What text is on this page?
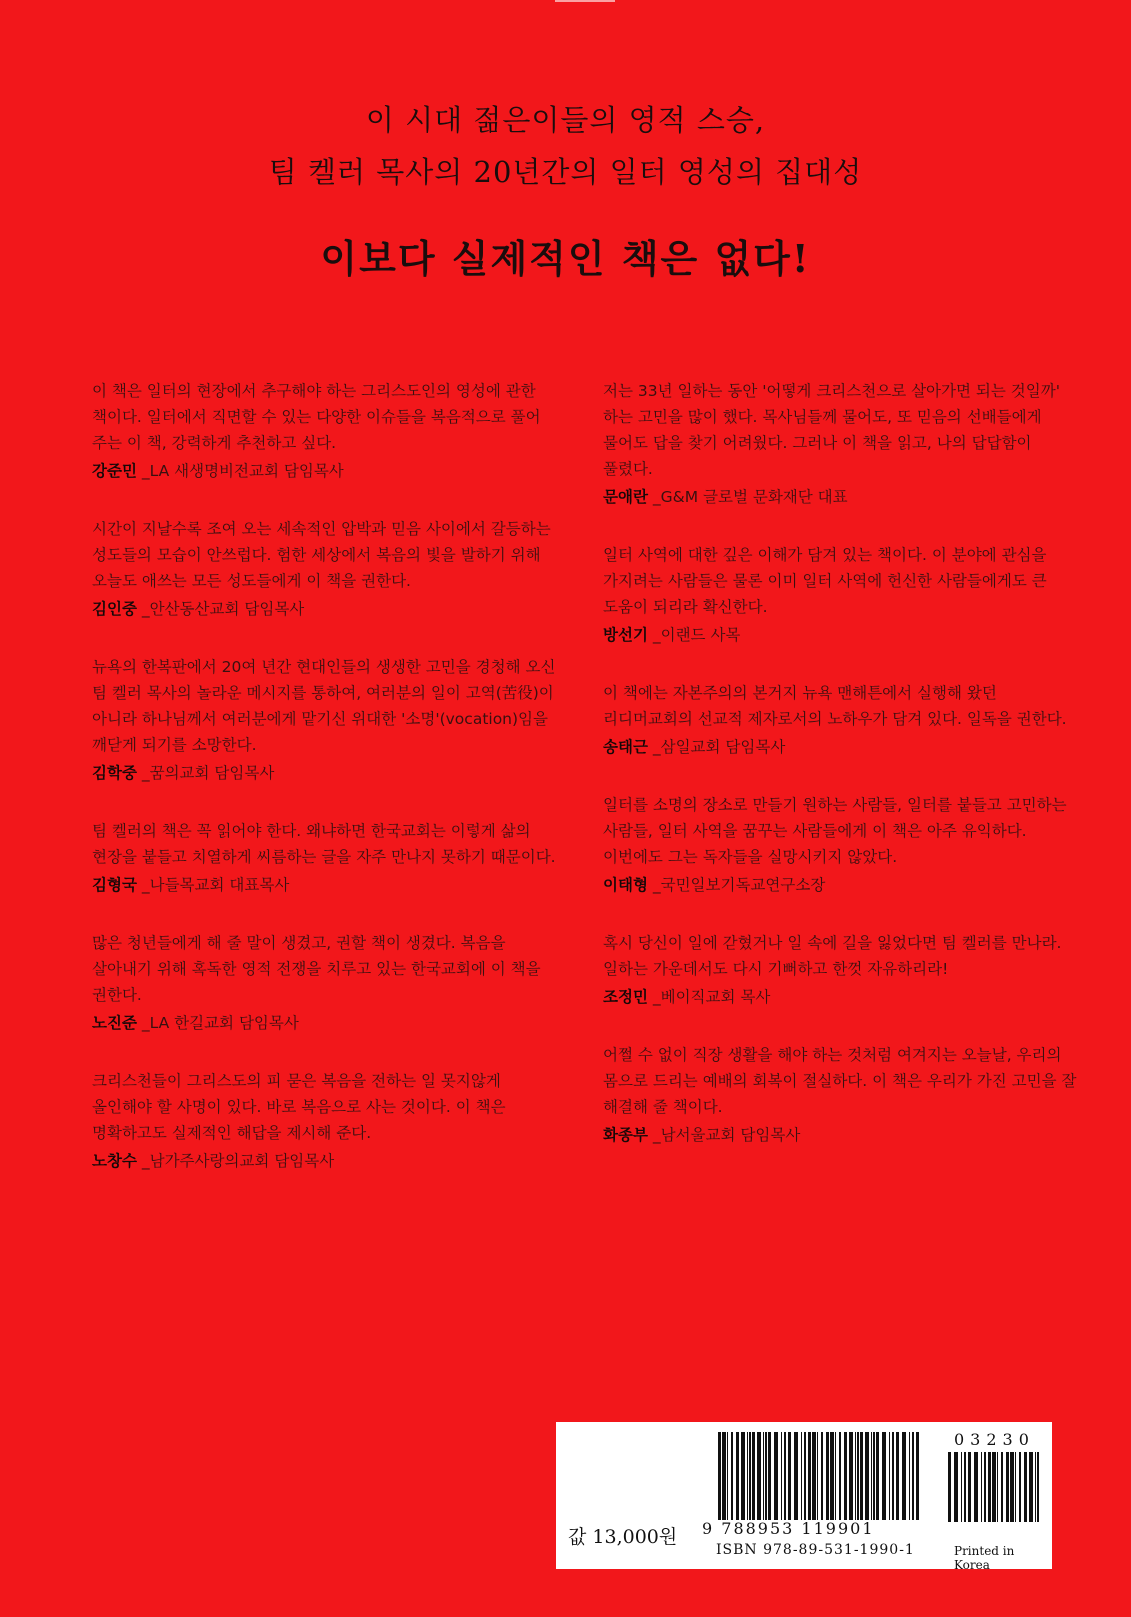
이 시대 젊은이들의 영적 스승,
팀 켈러 목사의 20년간의 일터 영성의 집대성
이보다 실제적인 책은 없다!
이 책은 일터의 현장에서 추구해야 하는 그리스도인의 영성에 관한 책이다. 일터에서 직면할 수 있는 다양한 이슈들을 복음적으로 풀어 주는 이 책, 강력하게 추천하고 싶다.
강준민 _LA 새생명비전교회 담임목사
시간이 지날수록 조여 오는 세속적인 압박과 믿음 사이에서 갈등하는 성도들의 모습이 안쓰럽다. 험한 세상에서 복음의 빛을 발하기 위해 오늘도 애쓰는 모든 성도들에게 이 책을 권한다.
김인중 _안산동산교회 담임목사
뉴욕의 한복판에서 20여 년간 현대인들의 생생한 고민을 경청해 오신 팀 켈러 목사의 놀라운 메시지를 통하여, 여러분의 일이 고역(苦役)이 아니라 하나님께서 여러분에게 맡기신 위대한 '소명'(vocation)임을 깨닫게 되기를 소망한다.
김학중 _꿈의교회 담임목사
팀 켈러의 책은 꼭 읽어야 한다. 왜냐하면 한국교회는 이렇게 삶의 현장을 붙들고 치열하게 씨름하는 글을 자주 만나지 못하기 때문이다.
김형국 _나들목교회 대표목사
많은 청년들에게 해 줄 말이 생겼고, 권할 책이 생겼다. 복음을 살아내기 위해 혹독한 영적 전쟁을 치루고 있는 한국교회에 이 책을 권한다.
노진준 _LA 한길교회 담임목사
크리스천들이 그리스도의 피 묻은 복음을 전하는 일 못지않게 올인해야 할 사명이 있다. 바로 복음으로 사는 것이다. 이 책은 명확하고도 실제적인 해답을 제시해 준다.
노창수 _남가주사랑의교회 담임목사
저는 33년 일하는 동안 '어떻게 크리스천으로 살아가면 되는 것일까' 하는 고민을 많이 했다. 목사님들께 물어도, 또 믿음의 선배들에게 물어도 답을 찾기 어려웠다. 그러나 이 책을 읽고, 나의 답답함이 풀렸다.
문애란 _G&M 글로벌 문화재단 대표
일터 사역에 대한 깊은 이해가 담겨 있는 책이다. 이 분야에 관심을 가지려는 사람들은 물론 이미 일터 사역에 헌신한 사람들에게도 큰 도움이 되리라 확신한다.
방선기 _이랜드 사목
이 책에는 자본주의의 본거지 뉴욕 맨해튼에서 실행해 왔던 리디머교회의 선교적 제자로서의 노하우가 담겨 있다. 일독을 권한다.
송태근 _삼일교회 담임목사
일터를 소명의 장소로 만들기 원하는 사람들, 일터를 붙들고 고민하는 사람들, 일터 사역을 꿈꾸는 사람들에게 이 책은 아주 유익하다. 이번에도 그는 독자들을 실망시키지 않았다.
이태형 _국민일보기독교연구소장
혹시 당신이 일에 갇혔거나 일 속에 길을 잃었다면 팀 켈러를 만나라. 일하는 가운데서도 다시 기뻐하고 한껏 자유하리라!
조정민 _베이직교회 목사
어쩔 수 없이 직장 생활을 해야 하는 것처럼 여겨지는 오늘날, 우리의 몸으로 드리는 예배의 회복이 절실하다. 이 책은 우리가 가진 고민을 잘 해결해 줄 책이다.
화종부 _남서울교회 담임목사
값 13,000원 9 788953 119901
ISBN 978-89-531-1990-1
03230
Printed in Korea
